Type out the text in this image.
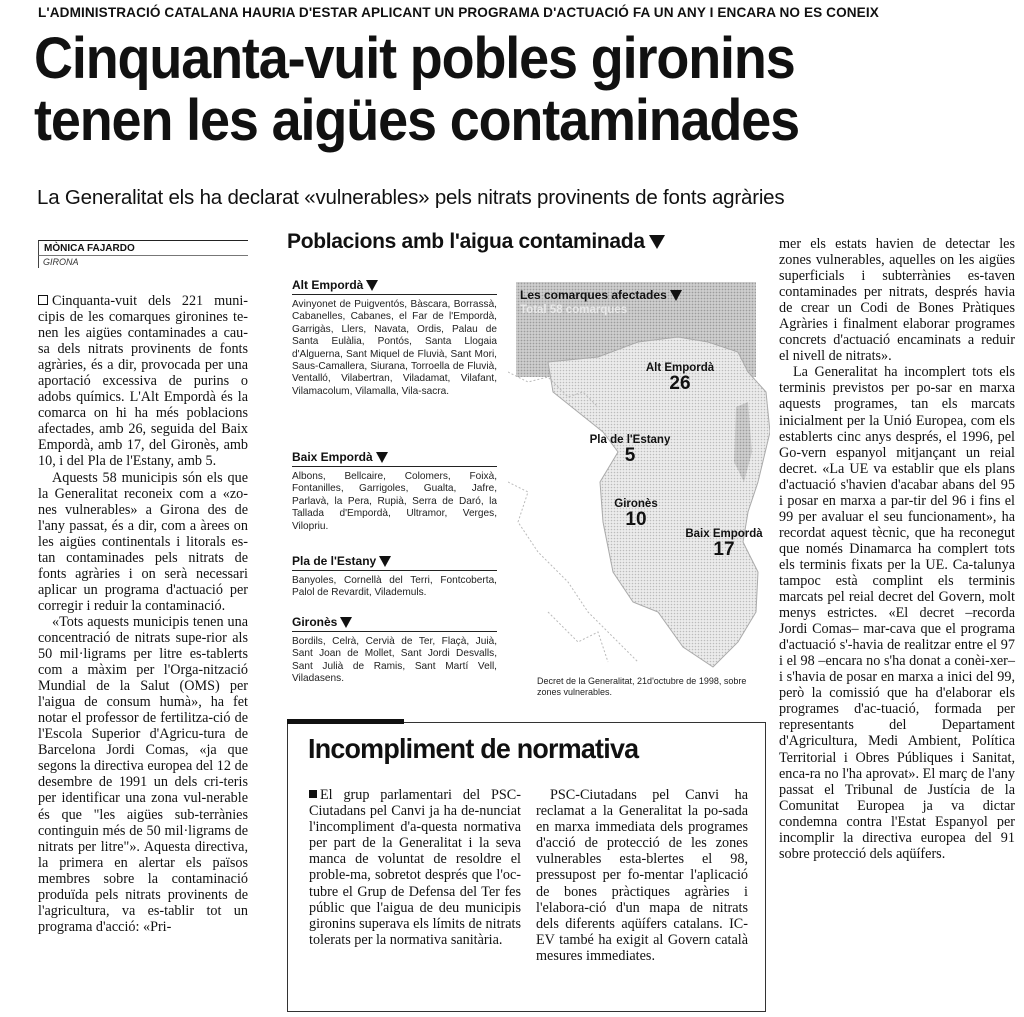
L'ADMINISTRACIÓ CATALANA HAURIA D'ESTAR APLICANT UN PROGRAMA D'ACTUACIÓ FA UN ANY I ENCARA NO ES CONEIX
Cinquanta-vuit pobles gironins
tenen les aigües contaminades
La Generalitat els ha declarat «vulnerables» pels nitrats provinents de fonts agràries
MÒNICA FAJARDO
GIRONA

Cinquanta-vuit dels 221 muni-cipis de les comarques gironines te-nen les aigües contaminades a cau-sa dels nitrats provinents de fonts agràries, és a dir, provocada per una aportació excessiva de purins o adobs químics. L'Alt Empordà és la comarca on hi ha més poblacions afectades, amb 26, seguida del Baix Empordà, amb 17, del Gironès, amb 10, i del Pla de l'Estany, amb 5.

Aquests 58 municipis són els que la Generalitat reconeix com a «zo-nes vulnerables» a Girona des de l'any passat, és a dir, com a àrees on les aigües continentals i litorals es-tan contaminades pels nitrats de fonts agràries i on serà necessari aplicar un programa d'actuació per corregir i reduir la contaminació.

«Tots aquests municipis tenen una concentració de nitrats supe-rior als 50 mil·ligrams per litre es-tablerts com a màxim per l'Orga-nització Mundial de la Salut (OMS) per l'aigua de consum humà», ha fet notar el professor de fertilitza-ció de l'Escola Superior d'Agricu-tura de Barcelona Jordi Comas, «ja que segons la directiva europea del 12 de desembre de 1991 un dels cri-teris per identificar una zona vul-nerable és que "les aigües sub-terrànies continguin més de 50 mil·ligrams de nitrats per litre"». Aquesta directiva, la primera en alertar els països membres sobre la contaminació produïda pels nitrats provinents de l'agricultura, va es-tablir tot un programa d'acció: «Pri-

Poblacions amb l'aigua contaminada
Alt Empordà
Avinyonet de Puigventós, Bàscara, Borrassà, Cabanelles, Cabanes, el Far de l'Empordà, Garrigàs, Llers, Navata, Ordis, Palau de Santa Eulàlia, Pontós, Santa Llogaia d'Alguerna, Sant Miquel de Fluvià, Sant Mori, Saus-Camallera, Siurana, Torroella de Fluvià, Ventalló, Vilabertran, Viladamat, Vilafant, Vilamacolum, Vilamalla, Vila-sacra.
Baix Empordà
Albons, Bellcaire, Colomers, Foixà, Fontanilles, Garrigoles, Gualta, Jafre, Parlavà, la Pera, Rupià, Serra de Daró, la Tallada d'Empordà, Ultramor, Verges, Vilopriu.
Pla de l'Estany
Banyoles, Cornellà del Terri, Fontcoberta, Palol de Revardit, Vilademuls.
Gironès
Bordils, Celrà, Cervià de Ter, Flaçà, Juià, Sant Joan de Mollet, Sant Jordi Desvalls, Sant Julià de Ramis, Sant Martí Vell, Viladasens.
Les comarques afectades
Total 58 comarques
Alt Empordà
26
Pla de l'Estany
5
Gironès
10
Baix Empordà
17
Decret de la Generalitat, 21d'octubre de 1998, sobre zones vulnerables.
Incompliment de normativa

El grup parlamentari del PSC-Ciutadans pel Canvi ja ha de-nunciat l'incompliment d'a-questa normativa per part de la Generalitat i la seva manca de voluntat de resoldre el proble-ma, sobretot després que l'oc-tubre el Grup de Defensa del Ter fes públic que l'aigua de deu municipis gironins superava els límits de nitrats tolerats per la normativa sanitària.

PSC-Ciutadans pel Canvi ha reclamat a la Generalitat la po-sada en marxa immediata dels programes d'acció de protecció de les zones vulnerables esta-blertes el 98, pressupost per fo-mentar l'aplicació de bones pràctiques agràries i l'elabora-ció d'un mapa de nitrats dels diferents aqüífers catalans. IC-EV també ha exigit al Govern català mesures immediates.

mer els estats havien de detectar les zones vulnerables, aquelles on les aigües superficials i subterrànies es-taven contaminades per nitrats, després havia de crear un Codi de Bones Pràtiques Agràries i finalment elaborar programes concrets d'actuació encaminats a reduir el nivell de nitrats».

La Generalitat ha incomplert tots els terminis previstos per po-sar en marxa aquests programes, tan els marcats inicialment per la Unió Europea, com els establerts cinc anys després, el 1996, pel Go-vern espanyol mitjançant un reial decret. «La UE va establir que els plans d'actuació s'havien d'acabar abans del 95 i posar en marxa a par-tir del 96 i fins el 99 per avaluar el seu funcionament», ha recordat aquest tècnic, que ha reconegut que només Dinamarca ha complert tots els terminis fixats per la UE. Ca-talunya tampoc està complint els terminis marcats pel reial decret del Govern, molt menys estrictes. «El decret –recorda Jordi Comas– mar-cava que el programa d'actuació s'-havia de realitzar entre el 97 i el 98 –encara no s'ha donat a conèi-xer– i s'havia de posar en marxa a inici del 99, però la comissió que ha d'elaborar els programes d'ac-tuació, formada per representants del Departament d'Agricultura, Medi Ambient, Política Territorial i Obres Públiques i Sanitat, enca-ra no l'ha aprovat». El març de l'any passat el Tribunal de Justícia de la Comunitat Europea ja va dictar condemna contra l'Estat Espanyol per incomplir la directiva europea del 91 sobre protecció dels aqüífers.
